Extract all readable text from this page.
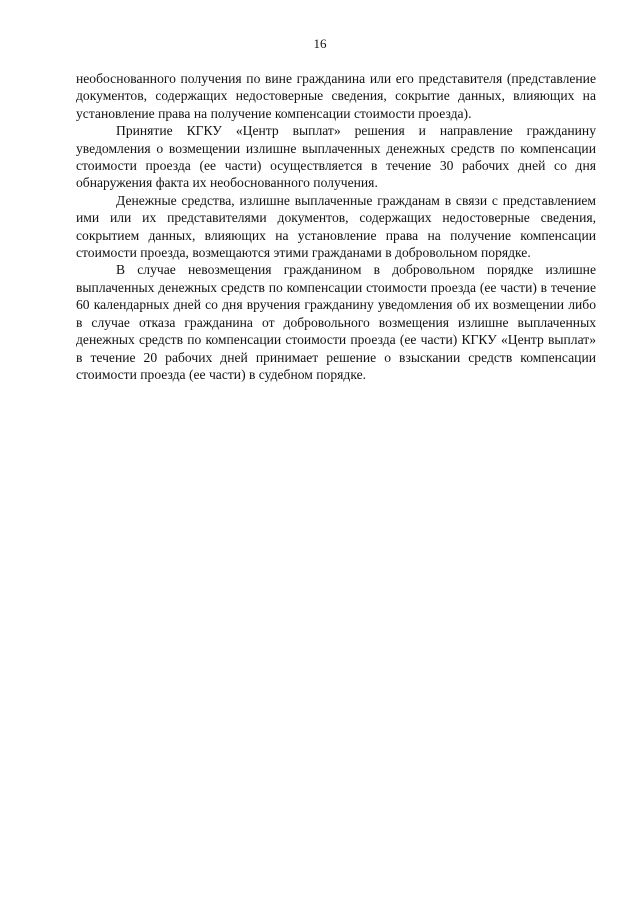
16

необоснованного получения по вине гражданина или его представителя (представление документов, содержащих недостоверные сведения, сокрытие данных, влияющих на установление права на получение компенсации стоимости проезда).

Принятие КГКУ «Центр выплат» решения и направление гражданину уведомления о возмещении излишне выплаченных денежных средств по компенсации стоимости проезда (ее части) осуществляется в течение 30 рабочих дней со дня обнаружения факта их необоснованного получения.

Денежные средства, излишне выплаченные гражданам в связи с представлением ими или их представителями документов, содержащих недостоверные сведения, сокрытием данных, влияющих на установление права на получение компенсации стоимости проезда, возмещаются этими гражданами в добровольном порядке.

В случае невозмещения гражданином в добровольном порядке излишне выплаченных денежных средств по компенсации стоимости проезда (ее части) в течение 60 календарных дней со дня вручения гражданину уведомления об их возмещении либо в случае отказа гражданина от добровольного возмещения излишне выплаченных денежных средств по компенсации стоимости проезда (ее части) КГКУ «Центр выплат» в течение 20 рабочих дней принимает решение о взыскании средств компенсации стоимости проезда (ее части) в судебном порядке.
